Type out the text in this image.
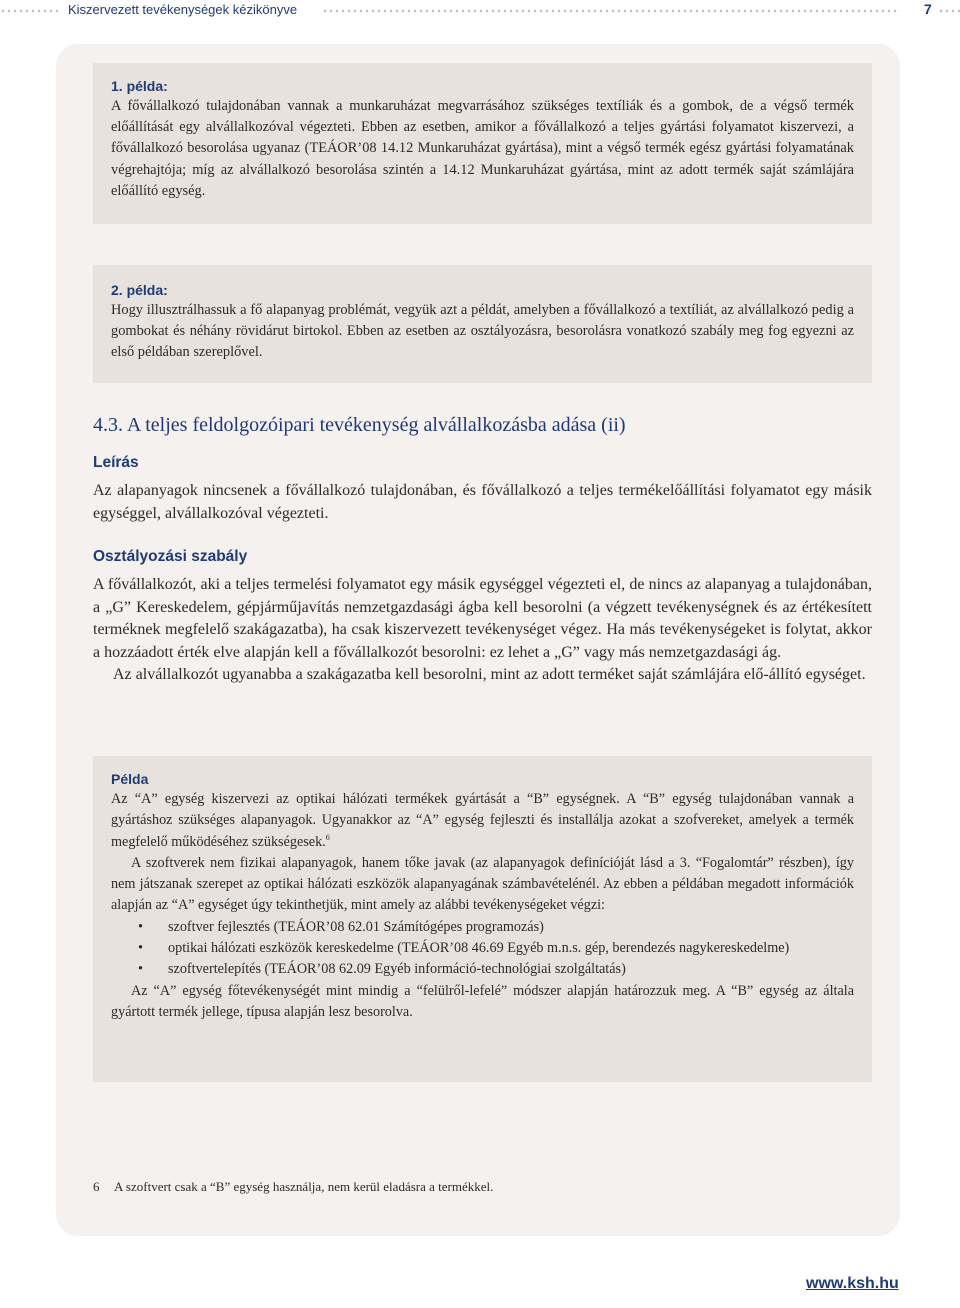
Kiszervezett tevékenységek kézikönyve	7
1. példa:

A fővállalkozó tulajdonában vannak a munkaruházat megvarrásához szükséges textíliák és a gombok, de a végső termék előállítását egy alvállalkozóval végezteti. Ebben az esetben, amikor a fővállalkozó a teljes gyártási folyamatot kiszervezi, a fővállalkozó besorolása ugyanaz (TEÁOR’08 14.12 Munkaruházat gyártása), mint a végső termék egész gyártási folyamatának végrehajtója; míg az alvállalkozó besorolása szintén a 14.12 Munkaruházat gyártása, mint az adott termék saját számlájára előállító egység.

2. példa:

Hogy illusztrálhassuk a fő alapanyag problémát, vegyük azt a példát, amelyben a fővállalkozó a textíliát, az alvállalkozó pedig a gombokat és néhány rövidárut birtokol. Ebben az esetben az osztályozásra, besorolásra vonatkozó szabály meg fog egyezni az első példában szereplővel.

4.3. A teljes feldolgozóipari tevékenység alvállalkozásba adása (ii)
Leírás

Az alapanyagok nincsenek a fővállalkozó tulajdonában, és fővállalkozó a teljes termékelőállítási folyamatot egy másik egységgel, alvállalkozóval végezteti.

Osztályozási szabály
A fővállalkozót, aki a teljes termelési folyamatot egy másik egységgel végezteti el, de nincs az alapanyag a tulajdonában, a „G” Kereskedelem, gépjárműjavítás nemzetgazdasági ágba kell besorolni (a végzett tevékenységnek és az értékesített terméknek megfelelő szakágazatba), ha csak kiszervezett tevékenységet végez. Ha más tevékenységeket is folytat, akkor a hozzáadott érték elve alapján kell a fővállalkozót besorolni: ez lehet a „G” vagy más nemzetgazdasági ág.
Az alvállalkozót ugyanabba a szakágazatba kell besorolni, mint az adott terméket saját számlájára elő-állító egységet.
Példa

Az “A” egység kiszervezi az optikai hálózati termékek gyártását a “B” egységnek. A “B” egység tulajdonában vannak a gyártáshoz szükséges alapanyagok. Ugyanakkor az “A” egység fejleszti és installálja azokat a szofvereket, amelyek a termék megfelelő működéséhez szükségesek.$^6$

A szoftverek nem fizikai alapanyagok, hanem tőke javak (az alapanyagok definícióját lásd a 3. “Fogalomtár” részben), így nem játszanak szerepet az optikai hálózati eszközök alapanyagának számbavételénél. Az ebben a példában megadott információk alapján az “A” egységet úgy tekinthetjük, mint amely az alábbi tevékenységeket végzi:

• szoftver fejlesztés (TEÁOR’08 62.01 Számítógépes programozás)
• optikai hálózati eszközök kereskedelme (TEÁOR’08 46.69 Egyéb m.n.s. gép, berendezés nagykereskedelme)
• szoftvertelepítés (TEÁOR’08 62.09 Egyéb információ-technológiai szolgáltatás)

Az “A” egység főtevékenységét mint mindig a “felülről-lefelé” módszer alapján határozzuk meg. A “B” egység az általa gyártott termék jellege, típusa alapján lesz besorolva.

6 A szoftvert csak a “B” egység használja, nem kerül eladásra a termékkel.
www.ksh.hu
